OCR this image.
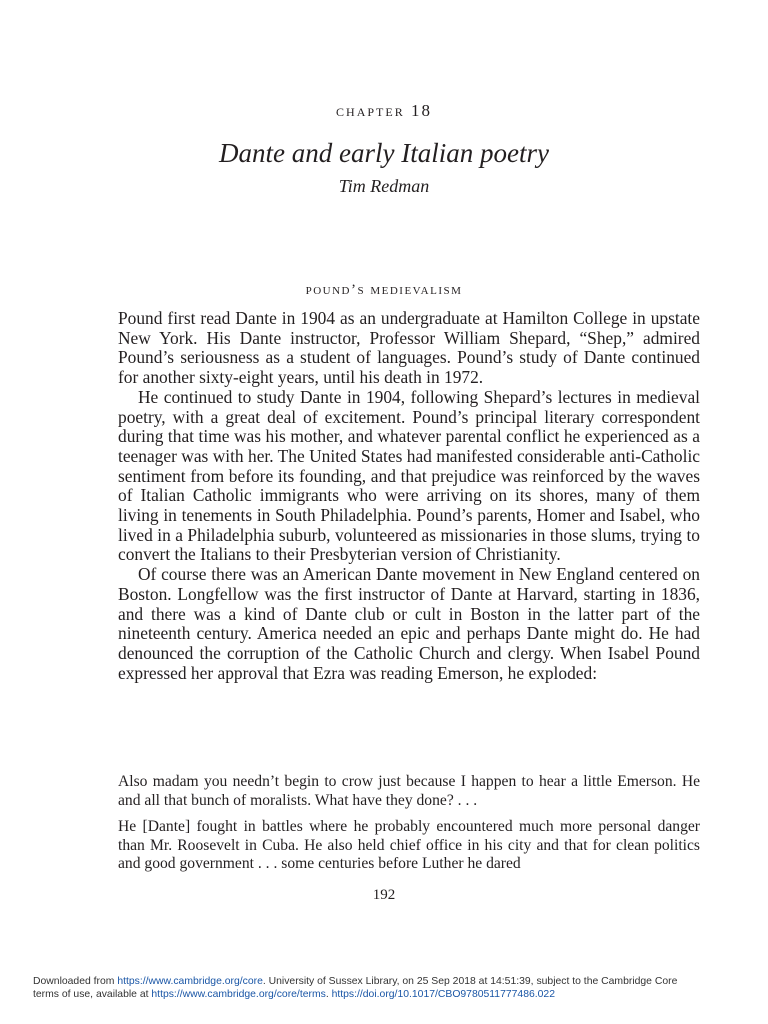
chapter 18
Dante and early Italian poetry
Tim Redman
pound’s medievalism

Pound first read Dante in 1904 as an undergraduate at Hamilton College in upstate New York. His Dante instructor, Professor William Shepard, “Shep,” admired Pound’s seriousness as a student of languages. Pound’s study of Dante continued for another sixty-eight years, until his death in 1972.

He continued to study Dante in 1904, following Shepard’s lectures in medieval poetry, with a great deal of excitement. Pound’s principal literary correspondent during that time was his mother, and whatever parental conflict he experienced as a teenager was with her. The United States had manifested considerable anti-Catholic sentiment from before its founding, and that prejudice was reinforced by the waves of Italian Catholic immigrants who were arriving on its shores, many of them living in tenements in South Philadelphia. Pound’s parents, Homer and Isabel, who lived in a Philadelphia suburb, volunteered as missionaries in those slums, trying to convert the Italians to their Presbyterian version of Christianity.

Of course there was an American Dante movement in New England centered on Boston. Longfellow was the first instructor of Dante at Harvard, starting in 1836, and there was a kind of Dante club or cult in Boston in the latter part of the nineteenth century. America needed an epic and perhaps Dante might do. He had denounced the corruption of the Catholic Church and clergy. When Isabel Pound expressed her approval that Ezra was reading Emerson, he exploded:

Also madam you needn’t begin to crow just because I happen to hear a little Emerson. He and all that bunch of moralists. What have they done? . . .

He [Dante] fought in battles where he probably encountered much more personal danger than Mr. Roosevelt in Cuba. He also held chief office in his city and that for clean politics and good government . . . some centuries before Luther he dared

192
Downloaded from https://www.cambridge.org/core. University of Sussex Library, on 25 Sep 2018 at 14:51:39, subject to the Cambridge Core
terms of use, available at https://www.cambridge.org/core/terms. https://doi.org/10.1017/CBO9780511777486.022
